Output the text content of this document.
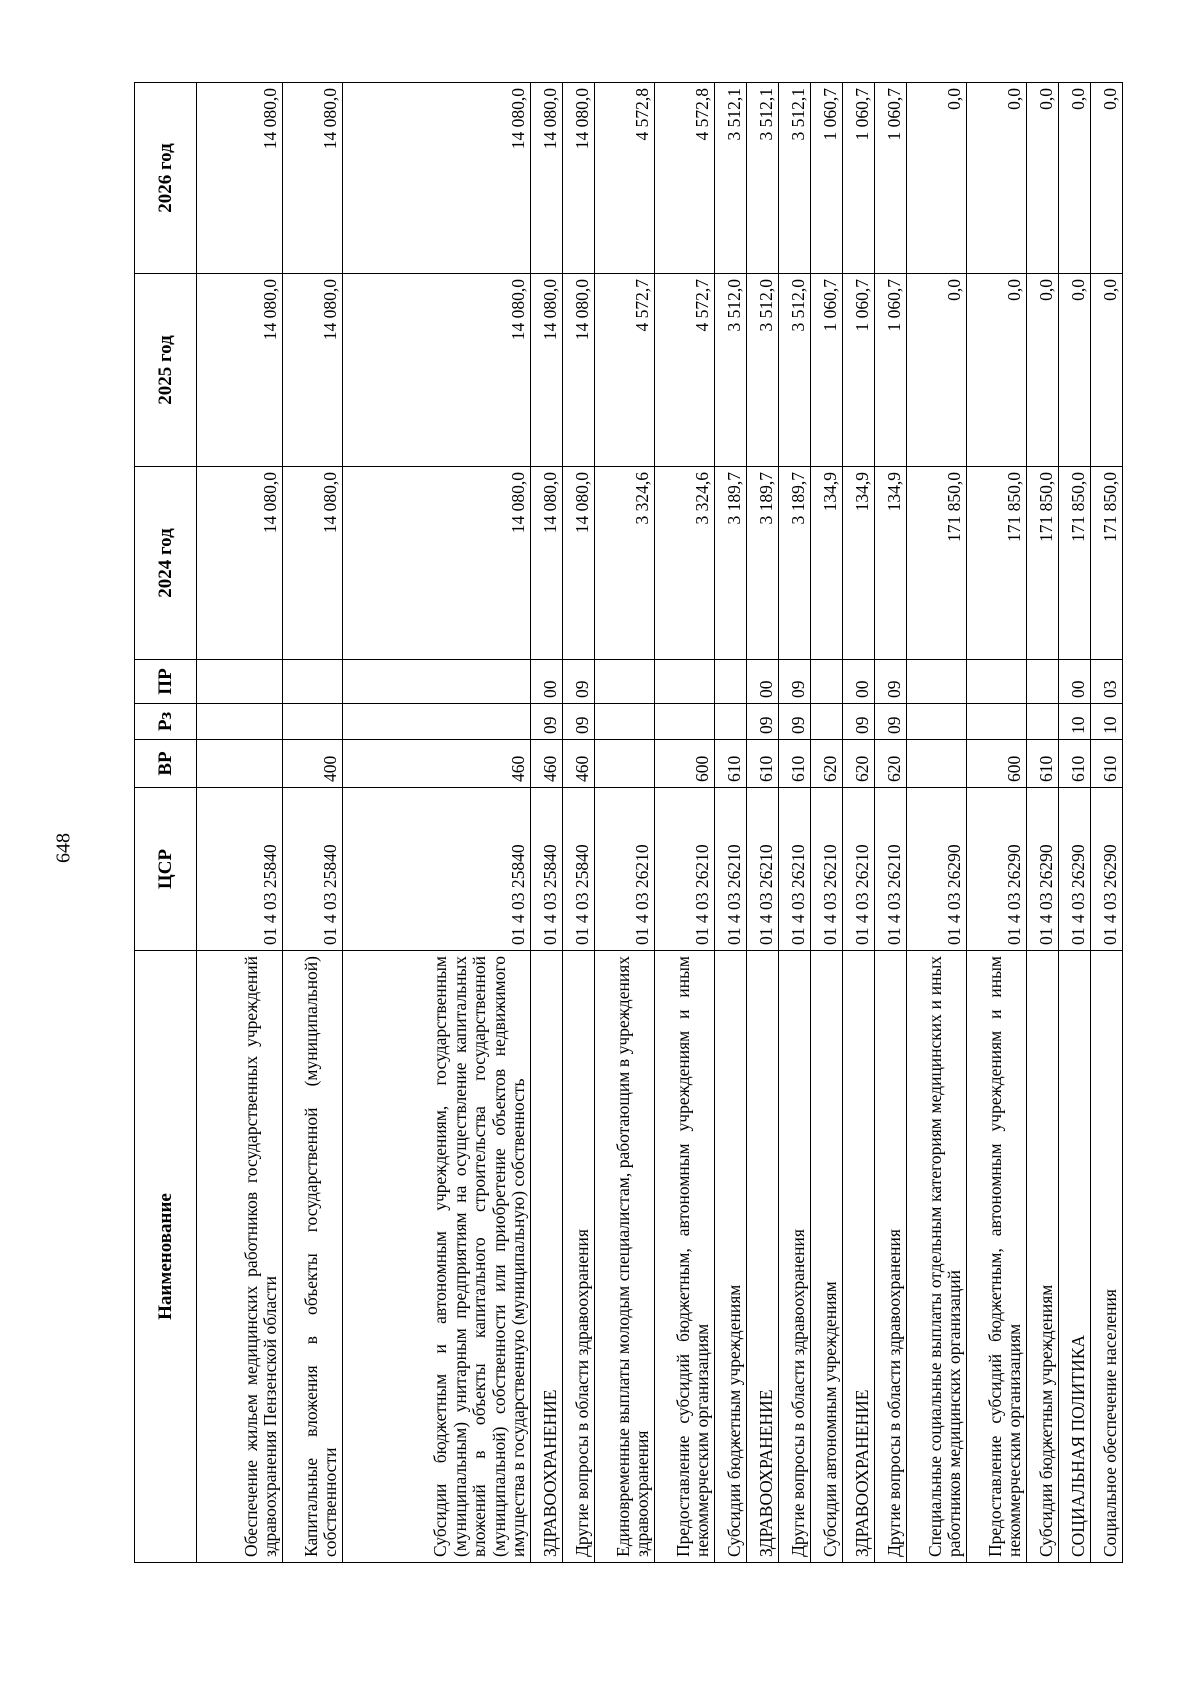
648
Наименование	ЦСР	ВР	Рз	ПР	2024 год	2025 год	2026 год
Обеспечение жильем медицинских работников государственных учреждений здравоохранения Пензенской области	01 4 03 25840				14 080,0	14 080,0	14 080,0
Капитальные вложения в объекты государственной (муниципальной) собственности	01 4 03 25840	400			14 080,0	14 080,0	14 080,0
Субсидии бюджетным и автономным учреждениям, государственным (муниципальным) унитарным предприятиям на осуществление капитальных вложений в объекты капитального строительства государственной (муниципальной) собственности или приобретение объектов недвижимого имущества в государственную (муниципальную) собственность	01 4 03 25840	460			14 080,0	14 080,0	14 080,0
ЗДРАВООХРАНЕНИЕ	01 4 03 25840	460	09	00	14 080,0	14 080,0	14 080,0
Другие вопросы в области здравоохранения	01 4 03 25840	460	09	09	14 080,0	14 080,0	14 080,0
Единовременные выплаты молодым специалистам, работающим в учреждениях здравоохранения	01 4 03 26210				3 324,6	4 572,7	4 572,8
Предоставление субсидий бюджетным, автономным учреждениям и иным некоммерческим организациям	01 4 03 26210	600			3 324,6	4 572,7	4 572,8
Субсидии бюджетным учреждениям	01 4 03 26210	610			3 189,7	3 512,0	3 512,1
ЗДРАВООХРАНЕНИЕ	01 4 03 26210	610	09	00	3 189,7	3 512,0	3 512,1
Другие вопросы в области здравоохранения	01 4 03 26210	610	09	09	3 189,7	3 512,0	3 512,1
Субсидии автономным учреждениям	01 4 03 26210	620			134,9	1 060,7	1 060,7
ЗДРАВООХРАНЕНИЕ	01 4 03 26210	620	09	00	134,9	1 060,7	1 060,7
Другие вопросы в области здравоохранения	01 4 03 26210	620	09	09	134,9	1 060,7	1 060,7
Специальные социальные выплаты отдельным категориям медицинских и иных работников медицинских организаций	01 4 03 26290				171 850,0	0,0	0,0
Предоставление субсидий бюджетным, автономным учреждениям и иным некоммерческим организациям	01 4 03 26290	600			171 850,0	0,0	0,0
Субсидии бюджетным учреждениям	01 4 03 26290	610			171 850,0	0,0	0,0
СОЦИАЛЬНАЯ ПОЛИТИКА	01 4 03 26290	610	10	00	171 850,0	0,0	0,0
Социальное обеспечение населения	01 4 03 26290	610	10	03	171 850,0	0,0	0,0
